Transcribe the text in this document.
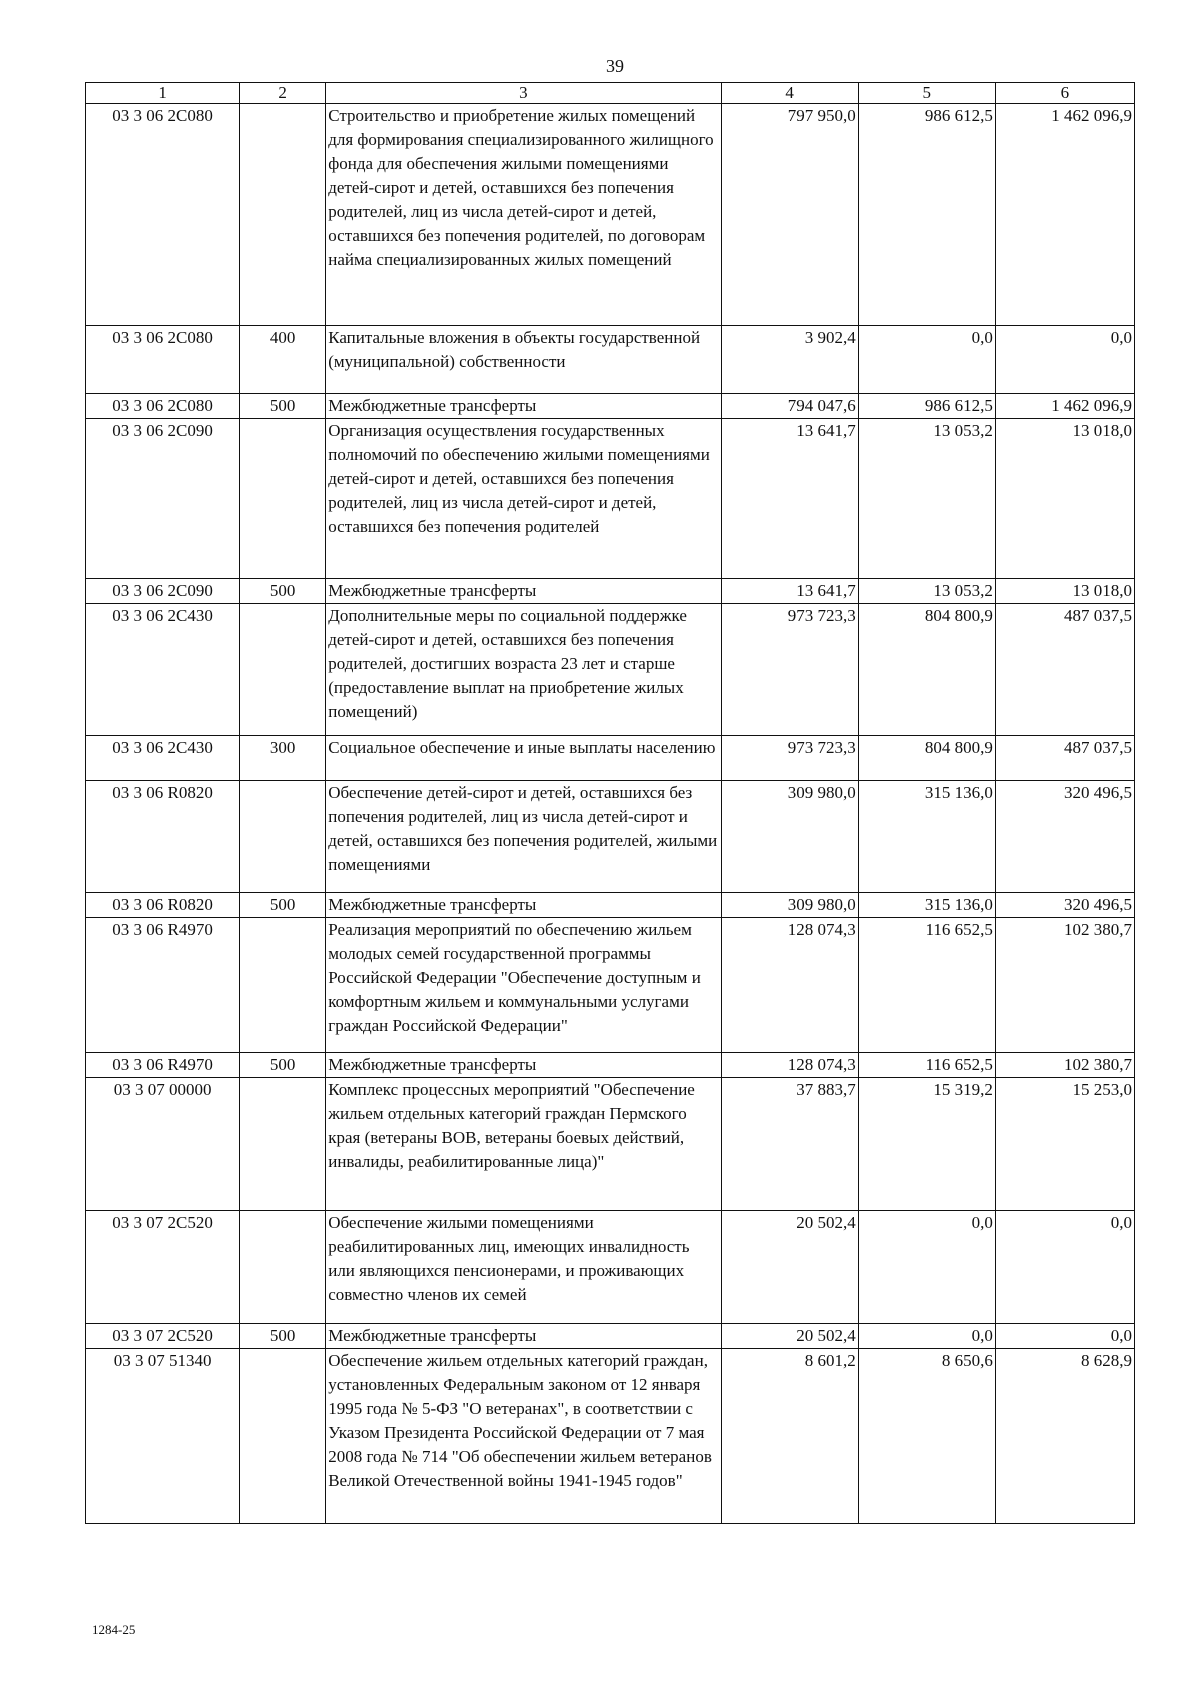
39
1	2	3	4	5	6
03 3 06 2С080		Строительство и приобретение жилых помещений для формирования специализированного жилищного фонда для обеспечения жилыми помещениями детей-сирот и детей, оставшихся без попечения родителей, лиц из числа детей-сирот и детей, оставшихся без попечения родителей, по договорам найма специализированных жилых помещений	797 950,0	986 612,5	1 462 096,9
03 3 06 2С080	400	Капитальные вложения в объекты государственной (муниципальной) собственности	3 902,4	0,0	0,0
03 3 06 2С080	500	Межбюджетные трансферты	794 047,6	986 612,5	1 462 096,9
03 3 06 2С090		Организация осуществления государственных полномочий по обеспечению жилыми помещениями детей-сирот и детей, оставшихся без попечения родителей, лиц из числа детей-сирот и детей, оставшихся без попечения родителей	13 641,7	13 053,2	13 018,0
03 3 06 2С090	500	Межбюджетные трансферты	13 641,7	13 053,2	13 018,0
03 3 06 2С430		Дополнительные меры по социальной поддержке детей-сирот и детей, оставшихся без попечения родителей, достигших возраста 23 лет и старше (предоставление выплат на приобретение жилых помещений)	973 723,3	804 800,9	487 037,5
03 3 06 2С430	300	Социальное обеспечение и иные выплаты населению	973 723,3	804 800,9	487 037,5
03 3 06 R0820		Обеспечение детей-сирот и детей, оставшихся без попечения родителей, лиц из числа детей-сирот и детей, оставшихся без попечения родителей, жилыми помещениями	309 980,0	315 136,0	320 496,5
03 3 06 R0820	500	Межбюджетные трансферты	309 980,0	315 136,0	320 496,5
03 3 06 R4970		Реализация мероприятий по обеспечению жильем молодых семей государственной программы Российской Федерации "Обеспечение доступным и комфортным жильем и коммунальными услугами граждан Российской Федерации"	128 074,3	116 652,5	102 380,7
03 3 06 R4970	500	Межбюджетные трансферты	128 074,3	116 652,5	102 380,7
03 3 07 00000		Комплекс процессных мероприятий "Обеспечение жильем отдельных категорий граждан Пермского края (ветераны ВОВ, ветераны боевых действий, инвалиды, реабилитированные лица)"	37 883,7	15 319,2	15 253,0
03 3 07 2С520		Обеспечение жилыми помещениями реабилитированных лиц, имеющих инвалидность или являющихся пенсионерами, и проживающих совместно членов их семей	20 502,4	0,0	0,0
03 3 07 2С520	500	Межбюджетные трансферты	20 502,4	0,0	0,0
03 3 07 51340		Обеспечение жильем отдельных категорий граждан, установленных Федеральным законом от 12 января 1995 года № 5-ФЗ "О ветеранах", в соответствии с Указом Президента Российской Федерации от 7 мая 2008 года № 714 "Об обеспечении жильем ветеранов Великой Отечественной войны 1941-1945 годов"	8 601,2	8 650,6	8 628,9
1284-25
